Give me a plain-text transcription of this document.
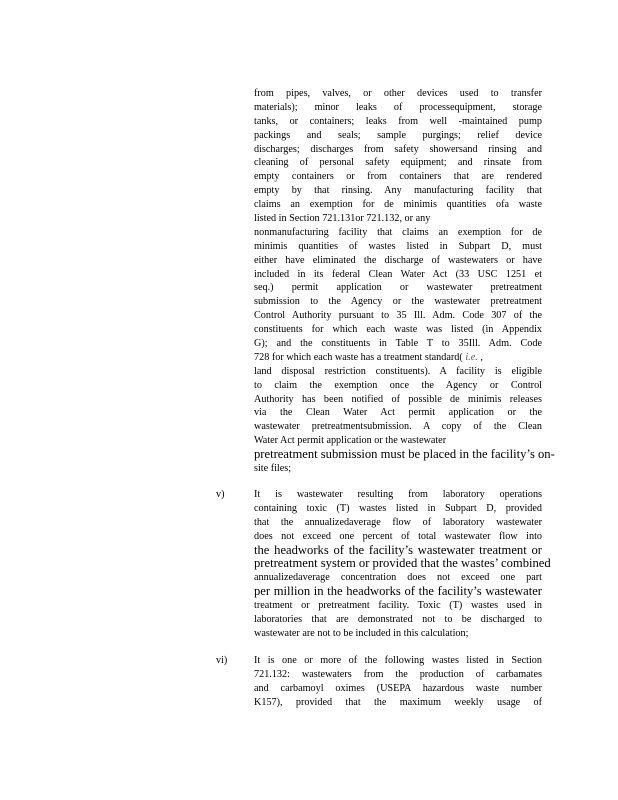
from pipes, valves, or other devices used to transfer
materials); minor leaks of processequipment, storage
tanks, or containers; leaks from well -maintained pump
packings and seals; sample purgings; relief device
discharges; discharges from safety showersand rinsing and
cleaning of personal safety equipment; and rinsate from
empty containers or from containers that are rendered
empty by that rinsing. Any manufacturing facility that
claims an exemption for de minimis quantities ofa waste
listed in Section 721.131or 721.132, or any
nonmanufacturing facility that claims an exemption for de
minimis quantities of wastes listed in Subpart D, must
either have eliminated the discharge of wastewaters or have
included in its federal Clean Water Act (33 USC 1251 et
seq.) permit application or wastewater pretreatment
submission to the Agency or the wastewater pretreatment
Control Authority pursuant to 35 Ill. Adm. Code 307 of the
constituents for which each waste was listed (in Appendix
G); and the constituents in Table T to 35Ill. Adm. Code
728 for which each waste has a treatment standard( i.e. ,
land disposal restriction constituents). A facility is eligible
to claim the exemption once the Agency or Control
Authority has been notified of possible de minimis releases
via the Clean Water Act permit application or the
wastewater pretreatmentsubmission. A copy of the Clean
Water Act permit application or the wastewater
pretreatment submission must be placed in the facility’s on-
site files;
v)	It is wastewater resulting from laboratory operations
containing toxic (T) wastes listed in Subpart D, provided
that the annualizedaverage flow of laboratory wastewater
does not exceed one percent of total wastewater flow into
the headworks of the facility’s wastewater treatment or
pretreatment system or provided that the wastes’ combined
annualizedaverage concentration does not exceed one part
per million in the headworks of the facility’s wastewater
treatment or pretreatment facility. Toxic (T) wastes used in
laboratories that are demonstrated not to be discharged to
wastewater are not to be included in this calculation;
vi)	It is one or more of the following wastes listed in Section
721.132: wastewaters from the production of carbamates
and carbamoyl oximes (USEPA hazardous waste number
K157), provided that the maximum weekly usage of
